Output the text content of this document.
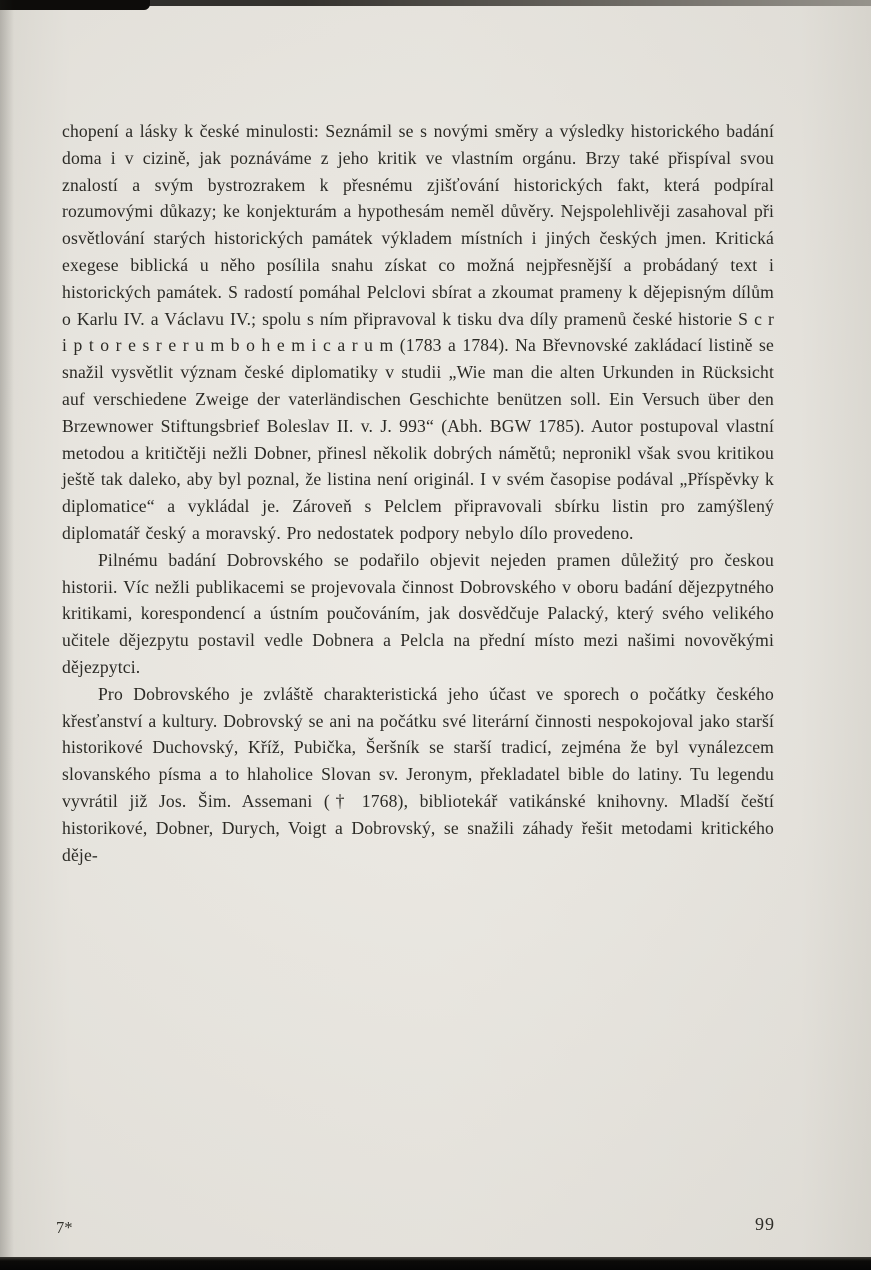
chopení a lásky k české minulosti: Seznámil se s novými směry a výsledky historického badání doma i v cizině, jak poznáváme z jeho kritik ve vlastním orgánu. Brzy také přispíval svou znalostí a svým bystrozrakem k přesnému zjišťování historických fakt, která podpíral rozumovými důkazy; ke konjekturám a hypothesám neměl důvěry. Nejspolehlivěji zasahoval při osvětlování starých historických památek výkladem místních i jiných českých jmen. Kritická exegese biblická u něho posílila snahu získat co možná nejpřesnější a probádaný text i historických památek. S radostí pomáhal Pelclovi sbírat a zkoumat prameny k dějepisným dílům o Karlu IV. a Václavu IV.; spolu s ním připravoval k tisku dva díly pramenů české historie S c r i p t o r e s r e r u m b o h e m i c a r u m (1783 a 1784). Na Břevnovské zakládací listině se snažil vysvětlit význam české diplomatiky v studii „Wie man die alten Urkunden in Rücksicht auf verschiedene Zweige der vaterländischen Geschichte benützen soll. Ein Versuch über den Brzewnower Stiftungsbrief Boleslav II. v. J. 993“ (Abh. BGW 1785). Autor postupoval vlastní metodou a kritičtěji nežli Dobner, přinesl několik dobrých námětů; nepronikl však svou kritikou ještě tak daleko, aby byl poznal, že listina není originál. I v svém časopise podával „Příspěvky k diplomatice“ a vykládal je. Zároveň s Pelclem připravovali sbírku listin pro zamýšlený diplomatář český a moravský. Pro nedostatek podpory nebylo dílo provedeno.

Pilnému badání Dobrovského se podařilo objevit nejeden pramen důležitý pro českou historii. Víc nežli publikacemi se projevovala činnost Dobrovského v oboru badání dějezpytného kritikami, korespondencí a ústním poučováním, jak dosvědčuje Palacký, který svého velikého učitele dějezpytu postavil vedle Dobnera a Pelcla na přední místo mezi našimi novověkými dějezpytci.

Pro Dobrovského je zvláště charakteristická jeho účast ve sporech o počátky českého křesťanství a kultury. Dobrovský se ani na počátku své literární činnosti nespokojoval jako starší historikové Duchovský, Kříž, Pubička, Šeršník se starší tradicí, zejména že byl vynálezcem slovanského písma a to hlaholice Slovan sv. Jeronym, překladatel bible do latiny. Tu legendu vyvrátil již Jos. Šim. Assemani († 1768), bibliotekář vatikánské knihovny. Mladší čeští historikové, Dobner, Durych, Voigt a Dobrovský, se snažili záhady řešit metodami kritického děje-

7*	99
